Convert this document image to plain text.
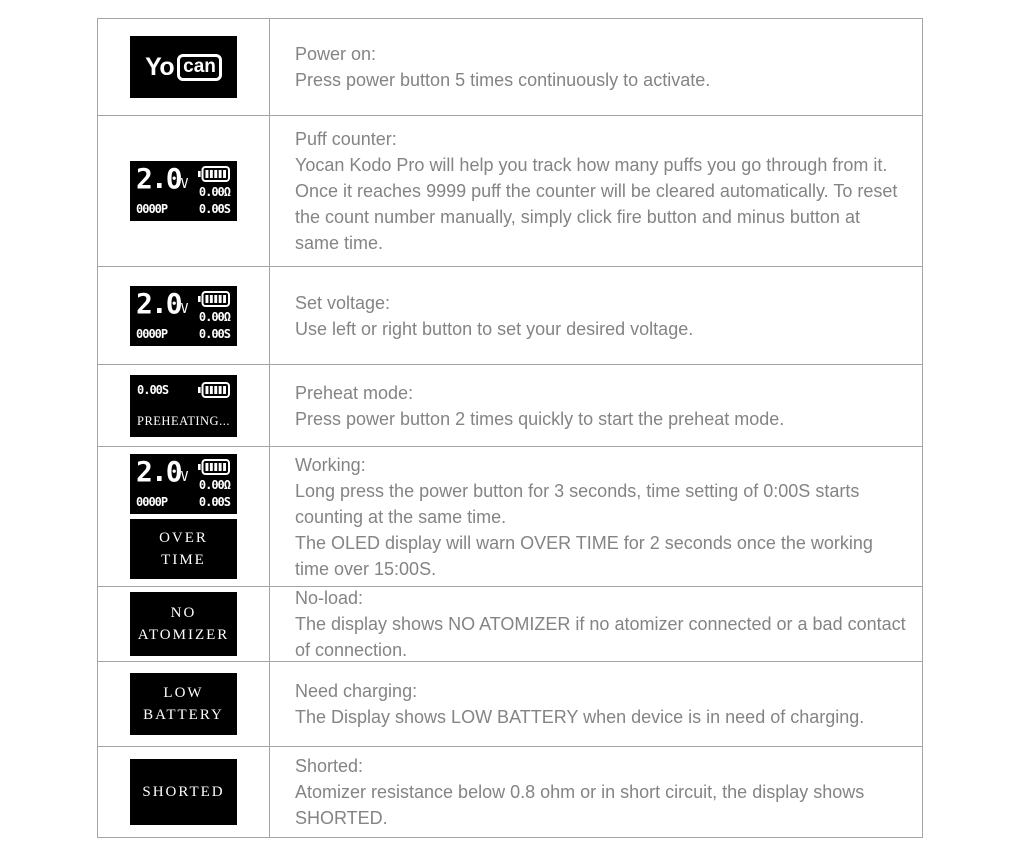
Yo can
Power on:
Press power button 5 times continuously to activate.
2.0V
0000P
0.00Ω
0.00S
Puff counter:
Yocan Kodo Pro will help you track how many puffs you go through from it. Once it reaches 9999 puff the counter will be cleared automatically. To reset the count number manually, simply click fire button and minus button at same time.
2.0V
0000P
0.00Ω
0.00S
Set voltage:
Use left or right button to set your desired voltage.
0.00S
PREHEATING...
Preheat mode:
Press power button 2 times quickly to start the preheat mode.
2.0V
0000P
0.00Ω
0.00S
OVER
TIME
Working:
Long press the power button for 3 seconds, time setting of 0:00S starts counting at the same time.
The OLED display will warn OVER TIME for 2 seconds once the working time over 15:00S.
NO
ATOMIZER
No-load:
The display shows NO ATOMIZER if no atomizer connected or a bad contact of connection.
LOW
BATTERY
Need charging:
The Display shows LOW BATTERY when device is in need of charging.
SHORTED
Shorted:
Atomizer resistance below 0.8 ohm or in short circuit, the display shows SHORTED.
